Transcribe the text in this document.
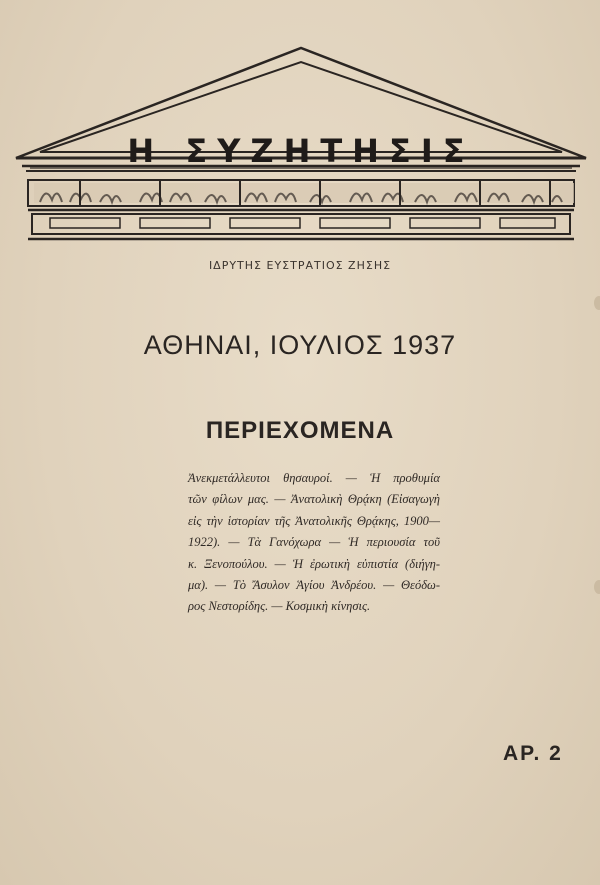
Η ΣΥΖΗΤΗΣΙΣ
ΙΔΡΥΤΗΣ ΕΥΣΤΡΑΤΙΟΣ ΖΗΣΗΣ
ΑΘΗΝΑΙ, ΙΟΥΛΙΟΣ 1937
ΠΕΡΙΕΧΟΜΕΝΑ
Ἀνεκμετάλλευτοι θησαυροί. — Ἡ προθυμία
τῶν φίλων μας. — Ἀνατολικὴ Θρᾴκη (Εἰσαγωγὴ
εἰς τὴν ἱστορίαν τῆς Ἀνατολικῆς Θρᾴκης, 1900—
1922). — Τὰ Γανόχωρα — Ἡ περιουσία τοῦ
κ. Ξενοπούλου. — Ἡ ἐρωτικὴ εὐπιστία (διήγη-
μα). — Τὸ Ἄσυλον Ἁγίου Ἀνδρέου. — Θεόδω-
ρος Νεστορίδης. — Κοσμικὴ κίνησις.
ΑΡ. 2
